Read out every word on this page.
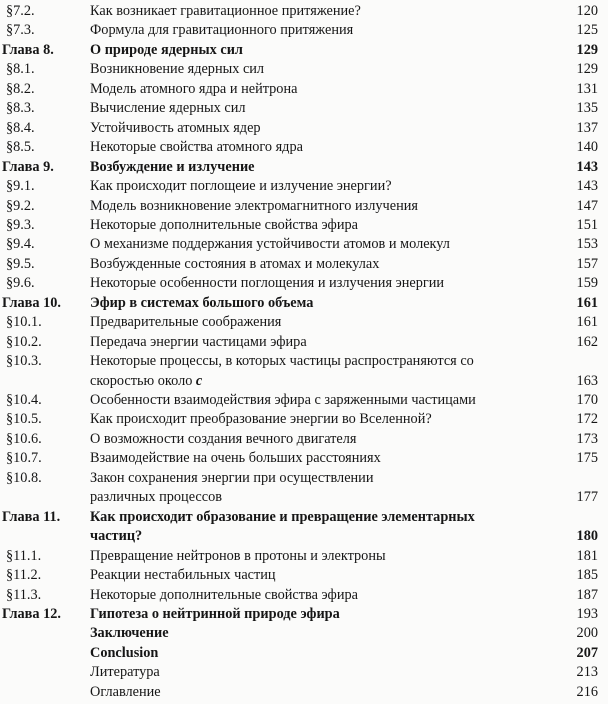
§7.2.	Как возникает гравитационное притяжение?	120
§7.3.	Формула для гравитационного притяжения	125
Глава 8.	О природе ядерных сил	129
§8.1.	Возникновение ядерных сил	129
§8.2.	Модель атомного ядра и нейтрона	131
§8.3.	Вычисление ядерных сил	135
§8.4.	Устойчивость атомных ядер	137
§8.5.	Некоторые свойства атомного ядра	140
Глава 9.	Возбуждение и излучение	143
§9.1.	Как происходит поглощеие и излучение энергии?	143
§9.2.	Модель возникновение электромагнитного излучения	147
§9.3.	Некоторые дополнительные свойства эфира	151
§9.4.	О механизме поддержания устойчивости атомов и молекул	153
§9.5.	Возбужденные состояния в атомах и молекулах	157
§9.6.	Некоторые особенности поглощения и излучения энергии	159
Глава 10. Эфир в системах большого объема	161
§10.1.	Предварительные соображения	161
§10.2.	Передача энергии частицами эфира	162
§10.3.	Некоторые процессы, в которых частицы распространяются со
скоростью около c	163
§10.4.	Особенности взаимодействия эфира с заряженными частицами	170
§10.5.	Как происходит преобразование энергии во Вселенной?	172
§10.6.	О возможности создания вечного двигателя	173
§10.7.	Взаимодействие на очень больших расстояниях	175
§10.8.	Закон сохранения энергии при осуществлении
различных процессов	177
Глава 11. Как происходит образование и превращение элементарных
частиц?	180
§11.1.	Превращение нейтронов в протоны и электроны	181
§11.2.	Реакции нестабильных частиц	185
§11.3.	Некоторые дополнительные свойства эфира	187
Глава 12. Гипотеза о нейтринной природе эфира	193
Заключение	200
Conclusion	207
Литература	213
Оглавление	216
